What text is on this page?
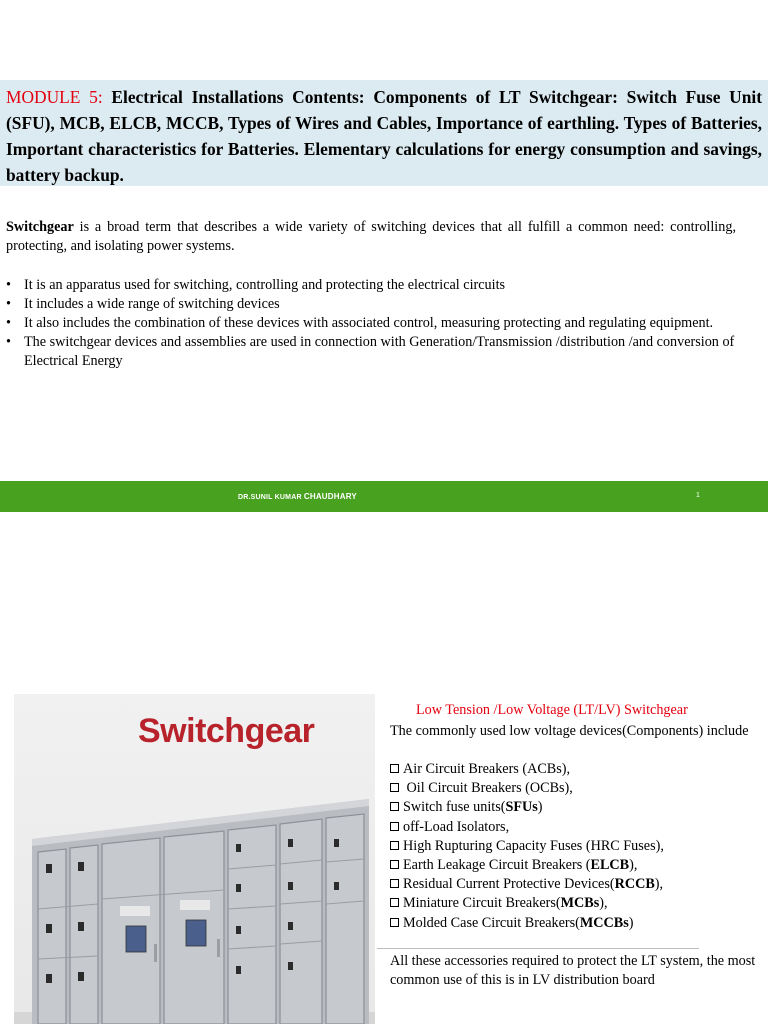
MODULE 5: Electrical Installations Contents: Components of LT Switchgear: Switch Fuse Unit (SFU), MCB, ELCB, MCCB, Types of Wires and Cables, Importance of earthling. Types of Batteries, Important characteristics for Batteries. Elementary calculations for energy consumption and savings, battery backup.
Switchgear is a broad term that describes a wide variety of switching devices that all fulfill a common need: controlling, protecting, and isolating power systems.
• It is an apparatus used for switching, controlling and protecting the electrical circuits
• It includes a wide range of switching devices
• It also includes the combination of these devices with associated control, measuring protecting and regulating equipment.
• The switchgear devices and assemblies are used in connection with Generation/Transmission /distribution /and conversion of Electrical Energy
DR.SUNIL KUMAR CHAUDHARY	1
Switchgear
Low Tension /Low Voltage (LT/LV) Switchgear
The commonly used low voltage devices(Components) include
Air Circuit Breakers (ACBs),
Oil Circuit Breakers (OCBs),
Switch fuse units(SFUs)
off-Load Isolators,
High Rupturing Capacity Fuses (HRC Fuses),
Earth Leakage Circuit Breakers (ELCB),
Residual Current Protective Devices(RCCB),
Miniature Circuit Breakers(MCBs),
Molded Case Circuit Breakers(MCCBs)
All these accessories required to protect the LT system, the most common use of this is in LV distribution board
